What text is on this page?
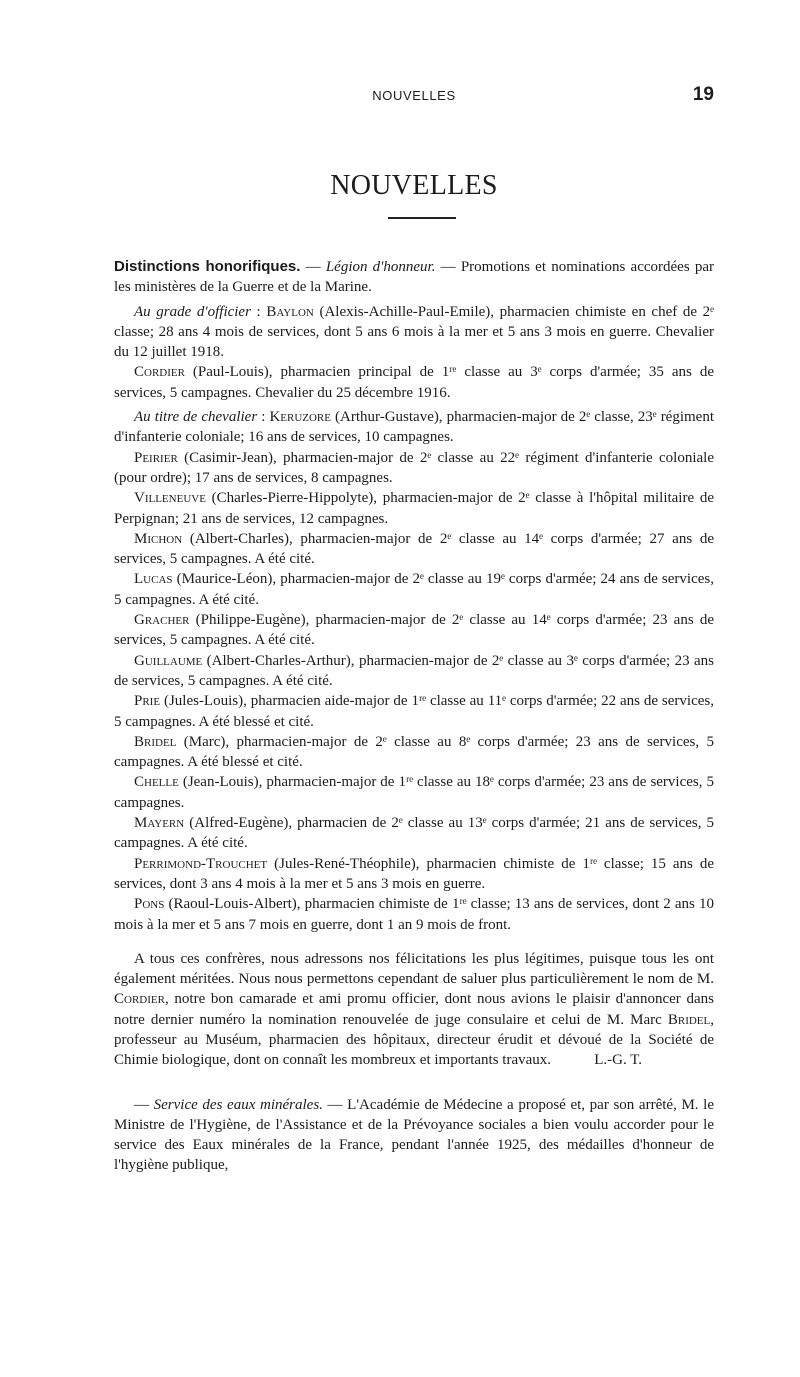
NOUVELLES	19
NOUVELLES

Distinctions honorifiques. — Légion d'honneur. — Promotions et nominations accordées par les ministères de la Guerre et de la Marine.

Au grade d'officier : Baylon (Alexis-Achille-Paul-Emile), pharmacien chimiste en chef de 2ᵉ classe; 28 ans 4 mois de services, dont 5 ans 6 mois à la mer et 5 ans 3 mois en guerre. Chevalier du 12 juillet 1918.

Cordier (Paul-Louis), pharmacien principal de 1ʳᵉ classe au 3ᵉ corps d'armée; 35 ans de services, 5 campagnes. Chevalier du 25 décembre 1916.

Au titre de chevalier : Keruzore (Arthur-Gustave), pharmacien-major de 2ᵉ classe, 23ᵉ régiment d'infanterie coloniale; 16 ans de services, 10 campagnes.

Peirier (Casimir-Jean), pharmacien-major de 2ᵉ classe au 22ᵉ régiment d'infanterie coloniale (pour ordre); 17 ans de services, 8 campagnes.

Villeneuve (Charles-Pierre-Hippolyte), pharmacien-major de 2ᵉ classe à l'hôpital militaire de Perpignan; 21 ans de services, 12 campagnes.

Michon (Albert-Charles), pharmacien-major de 2ᵉ classe au 14ᵉ corps d'armée; 27 ans de services, 5 campagnes. A été cité.

Lucas (Maurice-Léon), pharmacien-major de 2ᵉ classe au 19ᵉ corps d'armée; 24 ans de services, 5 campagnes. A été cité.

Gracher (Philippe-Eugène), pharmacien-major de 2ᵉ classe au 14ᵉ corps d'armée; 23 ans de services, 5 campagnes. A été cité.

Guillaume (Albert-Charles-Arthur), pharmacien-major de 2ᵉ classe au 3ᵉ corps d'armée; 23 ans de services, 5 campagnes. A été cité.

Prie (Jules-Louis), pharmacien aide-major de 1ʳᵉ classe au 11ᵉ corps d'armée; 22 ans de services, 5 campagnes. A été blessé et cité.

Bridel (Marc), pharmacien-major de 2ᵉ classe au 8ᵉ corps d'armée; 23 ans de services, 5 campagnes. A été blessé et cité.

Chelle (Jean-Louis), pharmacien-major de 1ʳᵉ classe au 18ᵉ corps d'armée; 23 ans de services, 5 campagnes.

Mayern (Alfred-Eugène), pharmacien de 2ᵉ classe au 13ᵉ corps d'armée; 21 ans de services, 5 campagnes. A été cité.

Perrimond-Trouchet (Jules-René-Théophile), pharmacien chimiste de 1ʳᵉ classe; 15 ans de services, dont 3 ans 4 mois à la mer et 5 ans 3 mois en guerre.

Pons (Raoul-Louis-Albert), pharmacien chimiste de 1ʳᵉ classe; 13 ans de services, dont 2 ans 10 mois à la mer et 5 ans 7 mois en guerre, dont 1 an 9 mois de front.

A tous ces confrères, nous adressons nos félicitations les plus légitimes, puisque tous les ont également méritées. Nous nous permettons cependant de saluer plus particulièrement le nom de M. Cordier, notre bon camarade et ami promu officier, dont nous avions le plaisir d'annoncer dans notre dernier numéro la nomination renouvelée de juge consulaire et celui de M. Marc Bridel, professeur au Muséum, pharmacien des hôpitaux, directeur érudit et dévoué de la Société de Chimie biologique, dont on connaît les mombreux et importants travaux.	L.-G. T.

— Service des eaux minérales. — L'Académie de Médecine a proposé et, par son arrêté, M. le Ministre de l'Hygiène, de l'Assistance et de la Prévoyance sociales a bien voulu accorder pour le service des Eaux minérales de la France, pendant l'année 1925, des médailles d'honneur de l'hygiène publique,
